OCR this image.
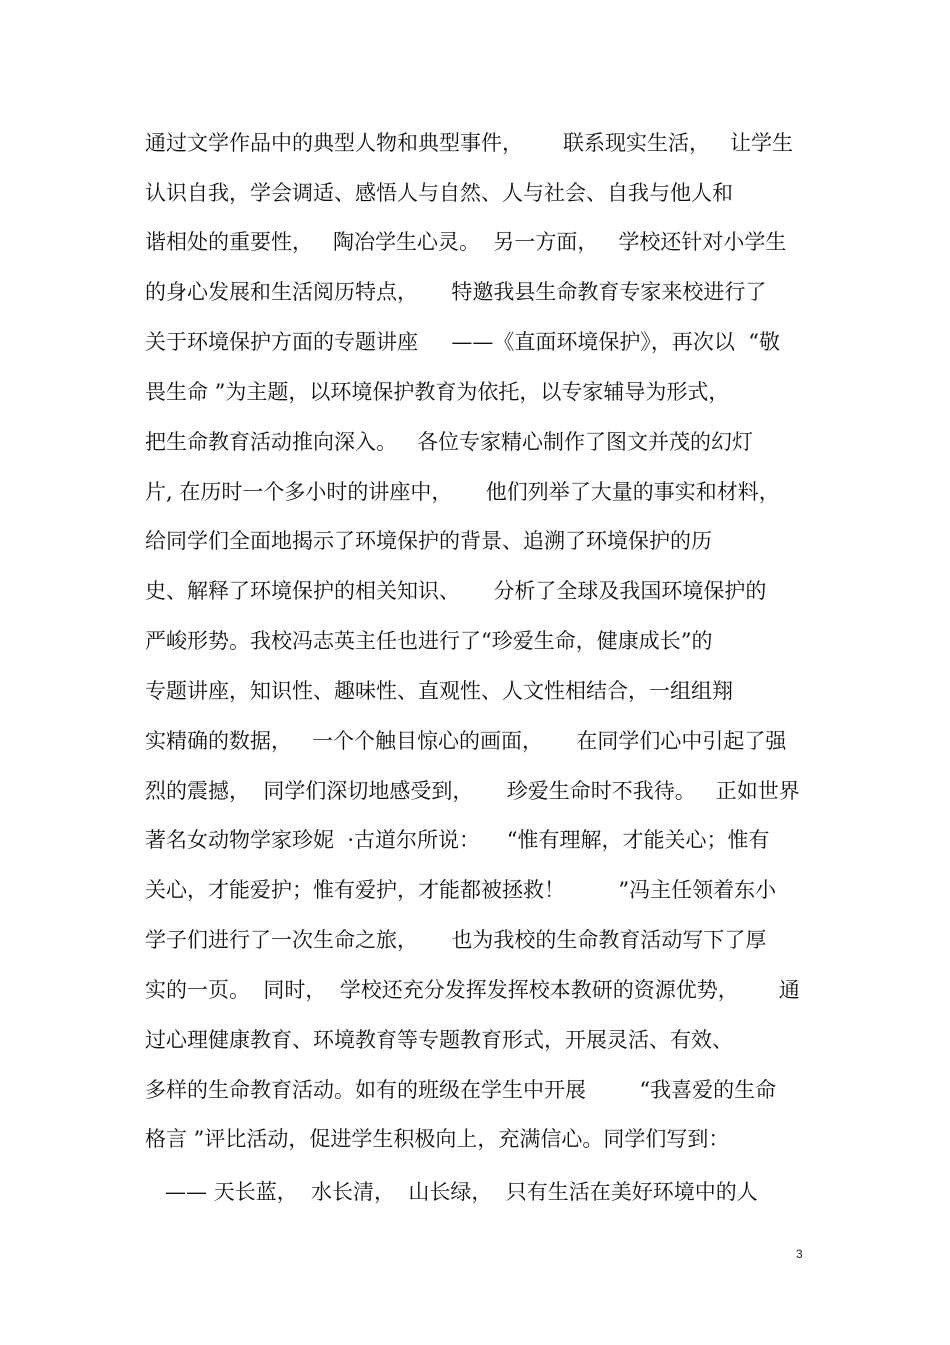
通过文学作品中的典型人物和典型事件，      联系现实生活，   让学生
认识自我，学会调适、感悟人与自然、人与社会、自我与他人和
谐相处的重要性，   陶冶学生心灵。  另一方面，   学校还针对小学生
的身心发展和生活阅历特点，     特邀我县生命教育专家来校进行了
关于环境保护方面的专题讲座     ——《直面环境保护》，再次以  “敬
畏生命 ”为主题，以环境保护教育为依托，以专家辅导为形式，
把生命教育活动推向深入。   各位专家精心制作了图文并茂的幻灯
片, 在历时一个多小时的讲座中，     他们列举了大量的事实和材料，
给同学们全面地揭示了环境保护的背景、追溯了环境保护的历
史、解释了环境保护的相关知识、     分析了全球及我国环境保护的
严峻形势。我校冯志英主任也进行了“珍爱生命，健康成长”的
专题讲座，知识性、趣味性、直观性、人文性相结合，一组组翔
实精确的数据，   一个个触目惊心的画面，     在同学们心中引起了强
烈的震撼，  同学们深切地感受到，     珍爱生命时不我待。   正如世界
著名女动物学家珍妮  ·古道尔所说：    “惟有理解，才能关心；惟有
关心，才能爱护；惟有爱护，才能都被拯救！        ”冯主任领着东小
学子们进行了一次生命之旅，     也为我校的生命教育活动写下了厚
实的一页。  同时，  学校还充分发挥发挥校本教研的资源优势，      通
过心理健康教育、环境教育等专题教育形式，开展灵活、有效、
多样的生命教育活动。如有的班级在学生中开展        “我喜爱的生命
格言 ”评比活动，促进学生积极向上，充满信心。同学们写到：
—— 天长蓝，  水长清，  山长绿，  只有生活在美好环境中的人
3
